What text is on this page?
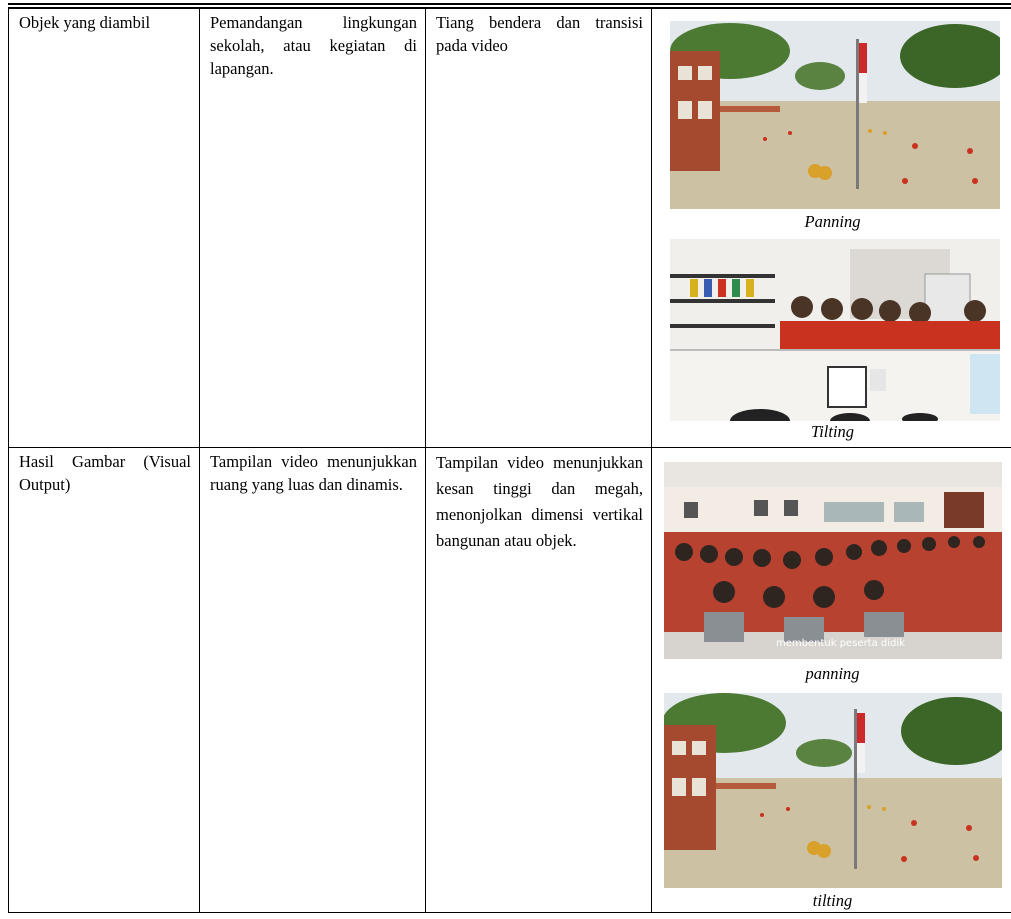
Objek yang diambil	Pemandangan lingkungan sekolah, atau kegiatan di lapangan.	Tiang bendera dan transisi pada video	Panning
Tilting

Hasil Gambar (Visual Output)	Tampilan video menunjukkan ruang yang luas dan dinamis.	Tampilan video menunjukkan kesan tinggi dan megah, menonjolkan dimensi vertikal bangunan atau objek.	membentuk peserta didik
panning
tilting
